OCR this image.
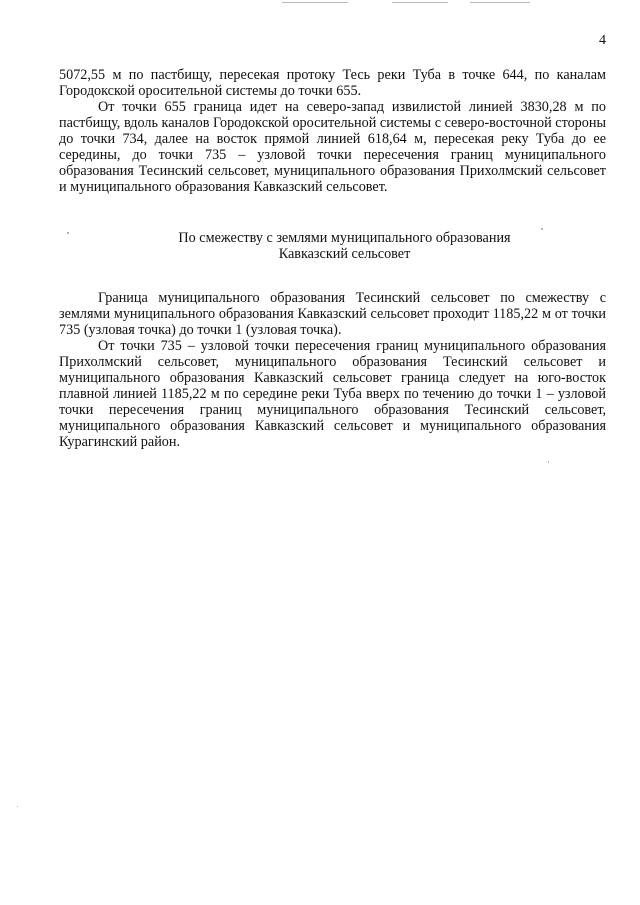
4

5072,55 м по пастбищу, пересекая протоку Тесь реки Туба в точке 644, по каналам Городокской оросительной системы до точки 655.

От точки 655 граница идет на северо-запад извилистой линией 3830,28 м по пастбищу, вдоль каналов Городокской оросительной системы с северо-восточной стороны до точки 734, далее на восток прямой линией 618,64 м, пересекая реку Туба до ее середины, до точки 735 – узловой точки пересечения границ муниципального образования Тесинский сельсовет, муниципального образования Прихолмский сельсовет и муниципального образования Кавказский сельсовет.

По смежеству с землями муниципального образования
Кавказский сельсовет

Граница муниципального образования Тесинский сельсовет по смежеству с землями муниципального образования Кавказский сельсовет проходит 1185,22 м от точки 735 (узловая точка) до точки 1 (узловая точка).

От точки 735 – узловой точки пересечения границ муниципального образования Прихолмский сельсовет, муниципального образования Тесинский сельсовет и муниципального образования Кавказский сельсовет граница следует на юго-восток плавной линией 1185,22 м по середине реки Туба вверх по течению до точки 1 – узловой точки пересечения границ муниципального образования Тесинский сельсовет, муниципального образования Кавказский сельсовет и муниципального образования Курагинский район.
